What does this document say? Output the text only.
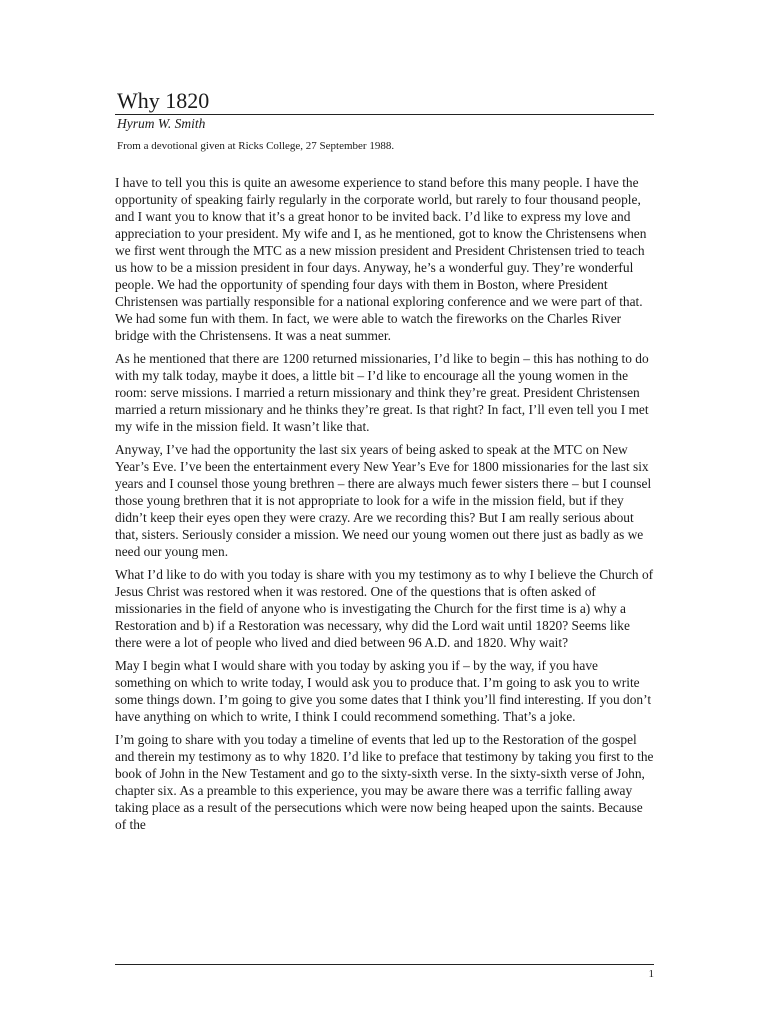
Why 1820
Hyrum W. Smith
From a devotional given at Ricks College, 27 September 1988.

I have to tell you this is quite an awesome experience to stand before this many people. I have the opportunity of speaking fairly regularly in the corporate world, but rarely to four thousand people, and I want you to know that it’s a great honor to be invited back. I’d like to express my love and appreciation to your president. My wife and I, as he mentioned, got to know the Christensens when we first went through the MTC as a new mission president and President Christensen tried to teach us how to be a mission president in four days. Anyway, he’s a wonderful guy. They’re wonderful people. We had the opportunity of spending four days with them in Boston, where President Christensen was partially responsible for a national exploring conference and we were part of that. We had some fun with them. In fact, we were able to watch the fireworks on the Charles River bridge with the Christensens. It was a neat summer.

As he mentioned that there are 1200 returned missionaries, I’d like to begin – this has nothing to do with my talk today, maybe it does, a little bit – I’d like to encourage all the young women in the room: serve missions. I married a return missionary and think they’re great. President Christensen married a return missionary and he thinks they’re great. Is that right? In fact, I’ll even tell you I met my wife in the mission field. It wasn’t like that.

Anyway, I’ve had the opportunity the last six years of being asked to speak at the MTC on New Year’s Eve. I’ve been the entertainment every New Year’s Eve for 1800 missionaries for the last six years and I counsel those young brethren – there are always much fewer sisters there – but I counsel those young brethren that it is not appropriate to look for a wife in the mission field, but if they didn’t keep their eyes open they were crazy. Are we recording this? But I am really serious about that, sisters. Seriously consider a mission. We need our young women out there just as badly as we need our young men.

What I’d like to do with you today is share with you my testimony as to why I believe the Church of Jesus Christ was restored when it was restored. One of the questions that is often asked of missionaries in the field of anyone who is investigating the Church for the first time is a) why a Restoration and b) if a Restoration was necessary, why did the Lord wait until 1820? Seems like there were a lot of people who lived and died between 96 A.D. and 1820. Why wait?

May I begin what I would share with you today by asking you if – by the way, if you have something on which to write today, I would ask you to produce that. I’m going to ask you to write some things down. I’m going to give you some dates that I think you’ll find interesting. If you don’t have anything on which to write, I think I could recommend something. That’s a joke.

I’m going to share with you today a timeline of events that led up to the Restoration of the gospel and therein my testimony as to why 1820. I’d like to preface that testimony by taking you first to the book of John in the New Testament and go to the sixty-sixth verse. In the sixty-sixth verse of John, chapter six. As a preamble to this experience, you may be aware there was a terrific falling away taking place as a result of the persecutions which were now being heaped upon the saints. Because of the

1
